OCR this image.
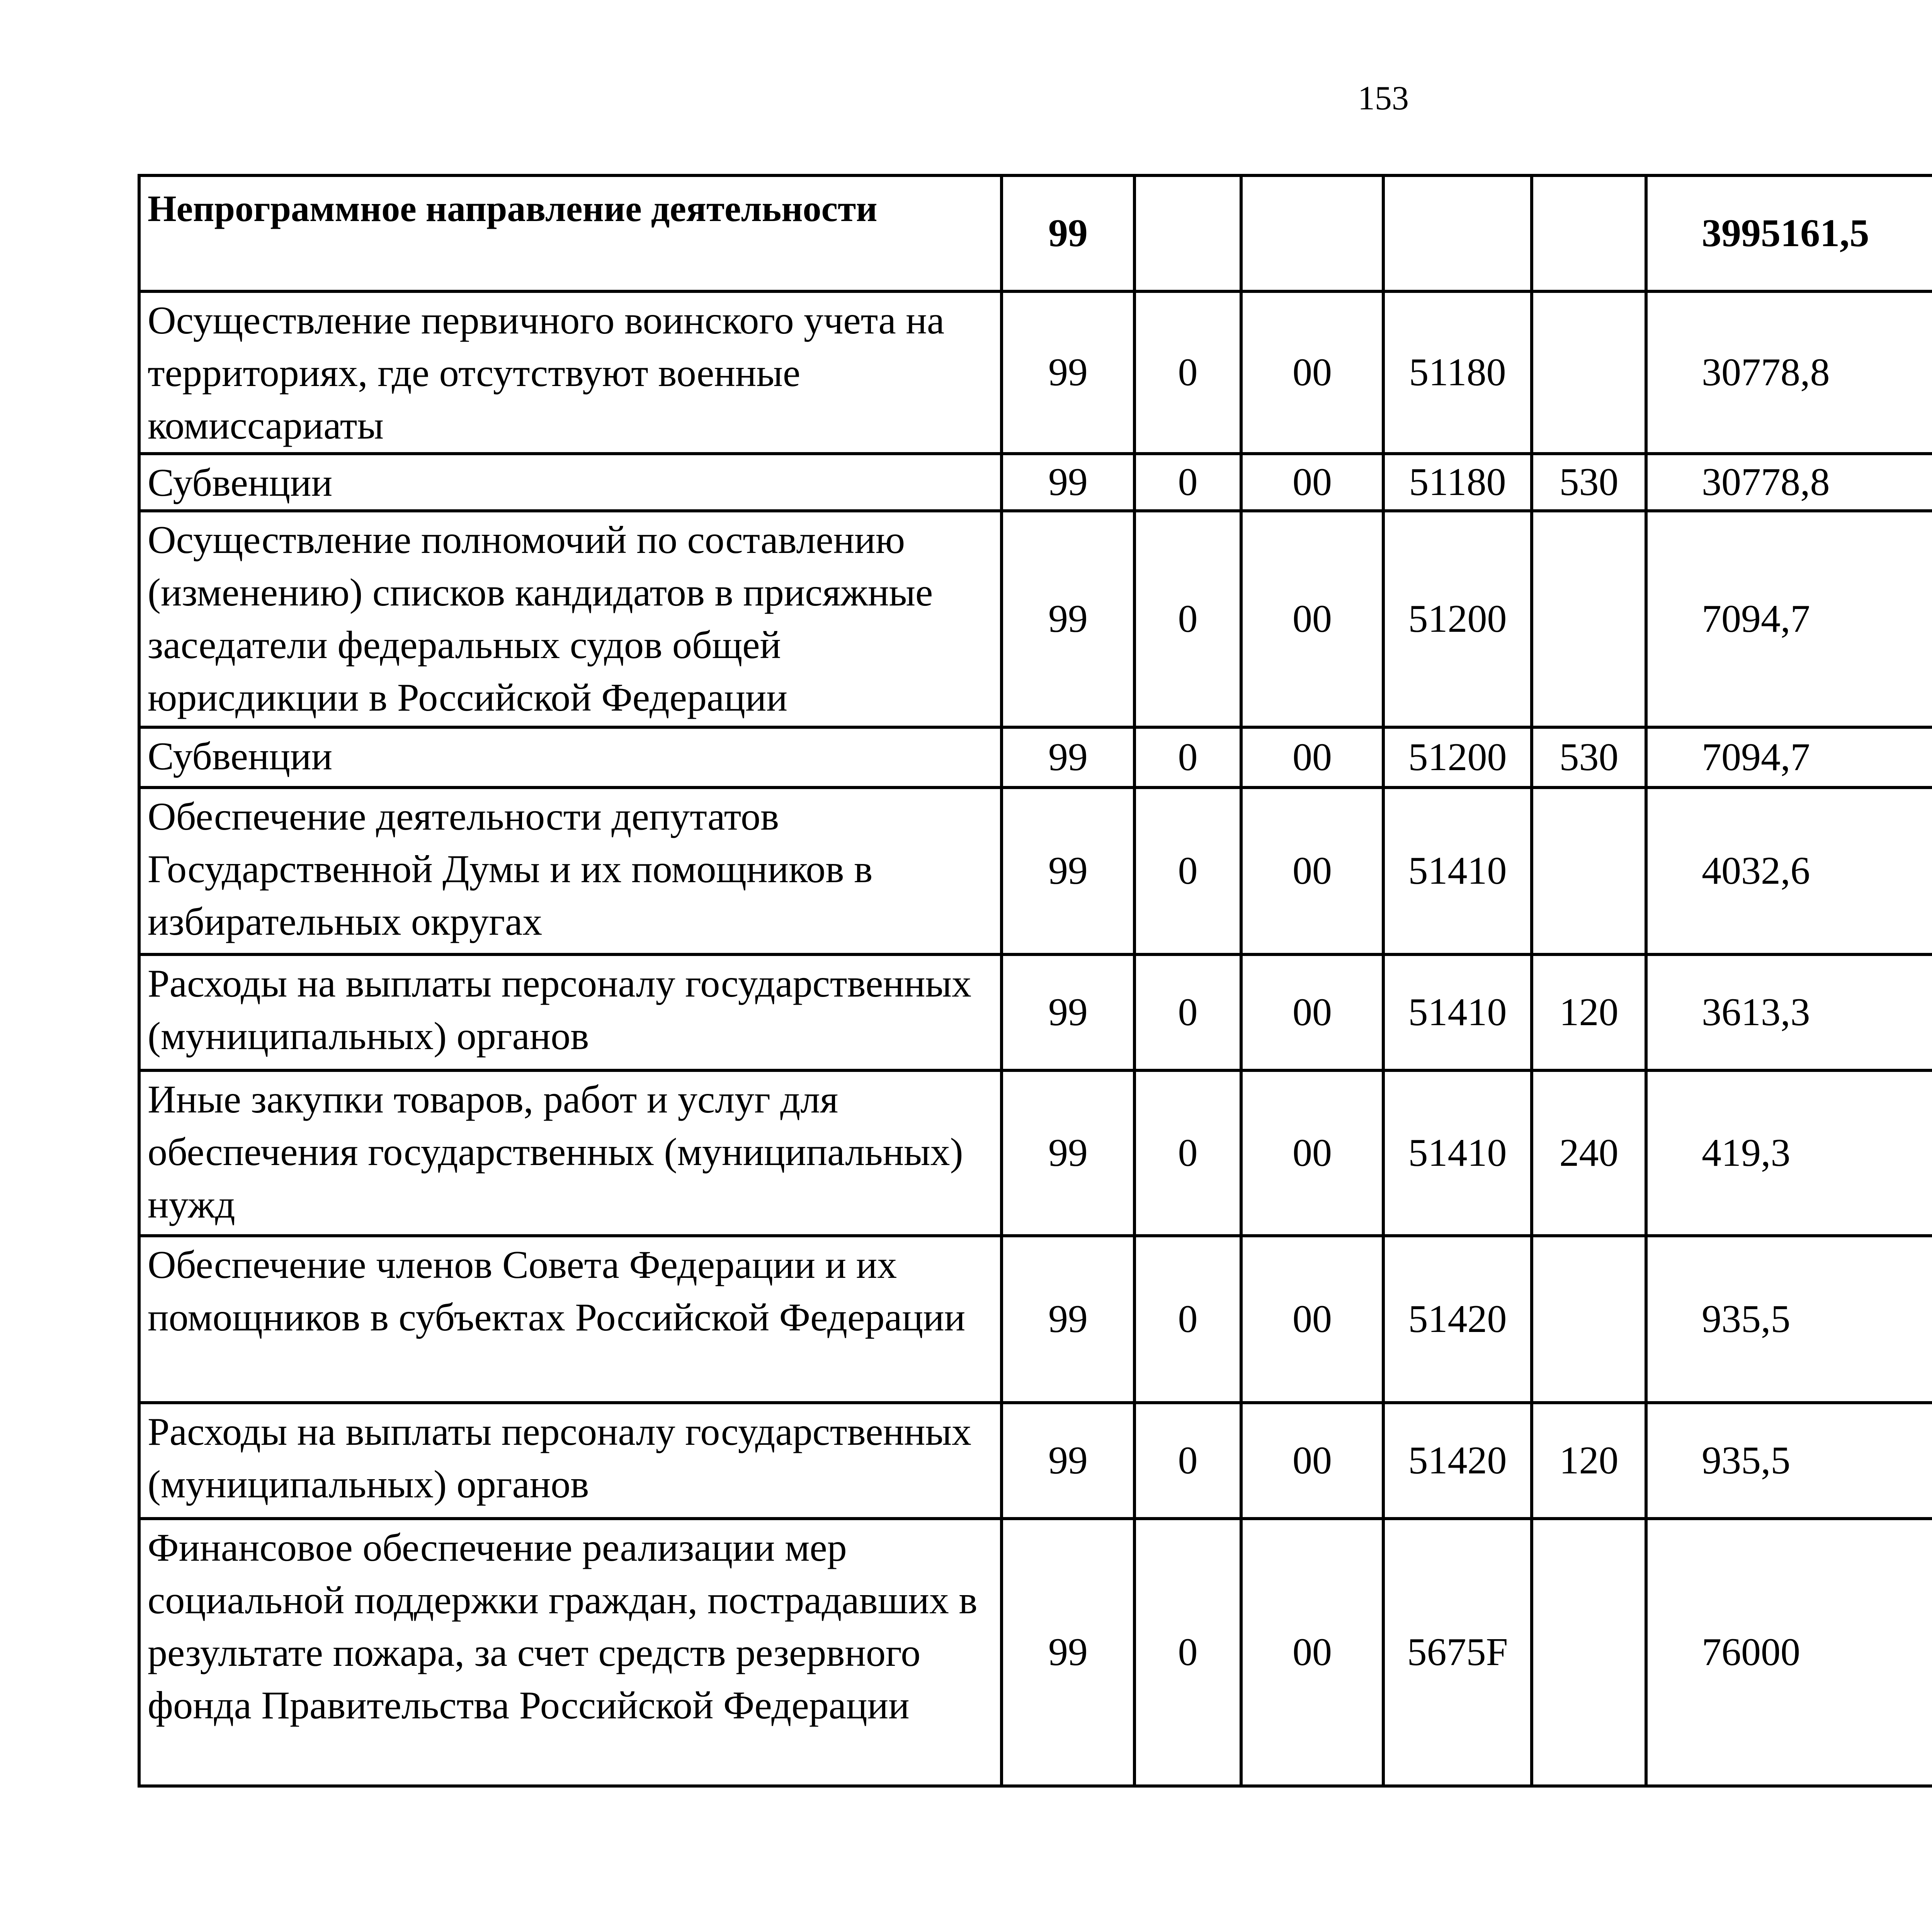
153
Непрограммное направление деятельности	99					3995161,5		
Осуществление первичного воинского учета на территориях, где отсутствуют военные комиссариаты	99	0	00	51180		30778,8		
Субвенции	99	0	00	51180	530	30778,8		
Осуществление полномочий по составлению (изменению) списков кандидатов в присяжные заседатели федеральных судов общей юрисдикции в Российской Федерации	99	0	00	51200		7094,7		
Субвенции	99	0	00	51200	530	7094,7		
Обеспечение деятельности депутатов Государственной Думы и их помощников в избирательных округах	99	0	00	51410		4032,6		
Расходы на выплаты персоналу государственных (муниципальных) органов	99	0	00	51410	120	3613,3		
Иные закупки товаров, работ и услуг для обеспечения государственных (муниципальных) нужд	99	0	00	51410	240	419,3		
Обеспечение членов Совета Федерации и их помощников в субъектах Российской Федерации	99	0	00	51420		935,5		
Расходы на выплаты персоналу государственных (муниципальных) органов	99	0	00	51420	120	935,5		
Финансовое обеспечение реализации мер социальной поддержки граждан, пострадавших в результате пожара, за счет средств резервного фонда Правительства Российской Федерации	99	0	00	5675F		76000		
